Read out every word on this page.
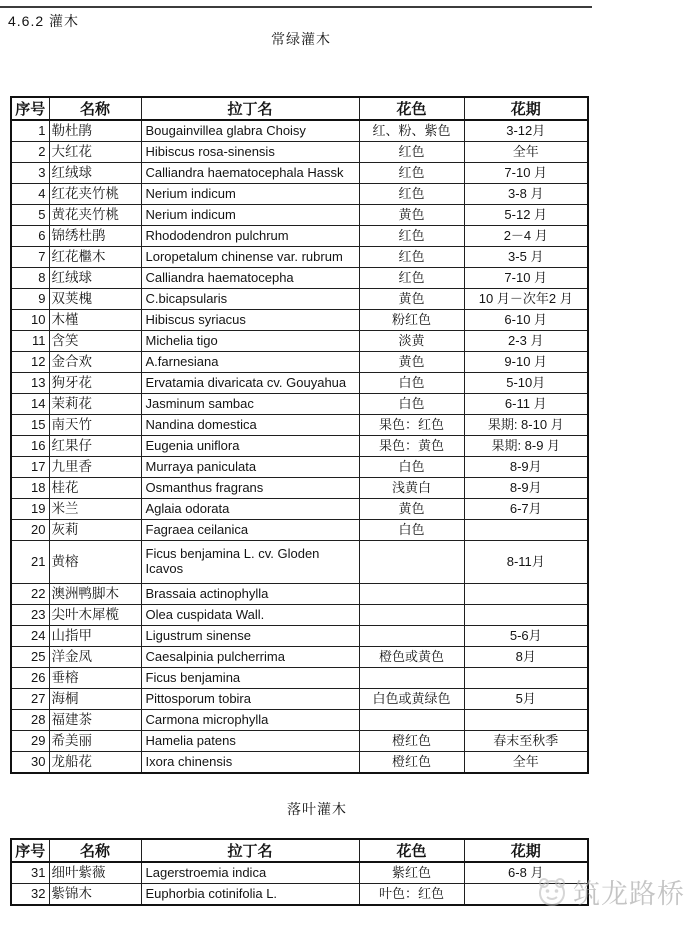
4.6.2 灌木
常绿灌木
序号	名称	拉丁名	花色	花期
1	勒杜鹃	Bougainvillea glabra Choisy	红、粉、紫色	3-12月
2	大红花	Hibiscus rosa-sinensis	红色	全年
3	红绒球	Calliandra haematocephala Hassk	红色	7-10 月
4	红花夹竹桃	Nerium indicum	红色	3-8 月
5	黄花夹竹桃	Nerium indicum	黄色	5-12 月
6	锦绣杜鹃	Rhododendron pulchrum	红色	2－4 月
7	红花檵木	Loropetalum chinense var. rubrum	红色	3-5 月
8	红绒球	Calliandra haematocepha	红色	7-10 月
9	双荚槐	C.bicapsularis	黄色	10 月－次年2 月
10	木槿	Hibiscus syriacus	粉红色	6-10 月
11	含笑	Michelia tigo	淡黄	2-3 月
12	金合欢	A.farnesiana	黄色	9-10 月
13	狗牙花	Ervatamia divaricata cv. Gouyahua	白色	5-10月
14	茉莉花	Jasminum sambac	白色	6-11 月
15	南天竹	Nandina domestica	果色：红色	果期: 8-10 月
16	红果仔	Eugenia uniflora	果色：黄色	果期: 8-9 月
17	九里香	Murraya paniculata	白色	8-9月
18	桂花	Osmanthus fragrans	浅黄白	8-9月
19	米兰	Aglaia odorata	黄色	6-7月
20	灰莉	Fagraea ceilanica	白色	
21	黄榕	Ficus benjamina L. cv. Gloden Icavos		8-11月
22	澳洲鸭脚木	Brassaia actinophylla		
23	尖叶木犀榄	Olea cuspidata Wall.		
24	山指甲	Ligustrum sinense		5-6月
25	洋金凤	Caesalpinia pulcherrima	橙色或黄色	8月
26	垂榕	Ficus benjamina		
27	海桐	Pittosporum tobira	白色或黄绿色	5月
28	福建茶	Carmona microphylla		
29	希美丽	Hamelia patens	橙红色	春末至秋季
30	龙船花	Ixora chinensis	橙红色	全年
落叶灌木
序号	名称	拉丁名	花色	花期
31	细叶紫薇	Lagerstroemia indica	紫红色	6-8 月
32	紫锦木	Euphorbia cotinifolia L.	叶色：红色		筑龙路桥
